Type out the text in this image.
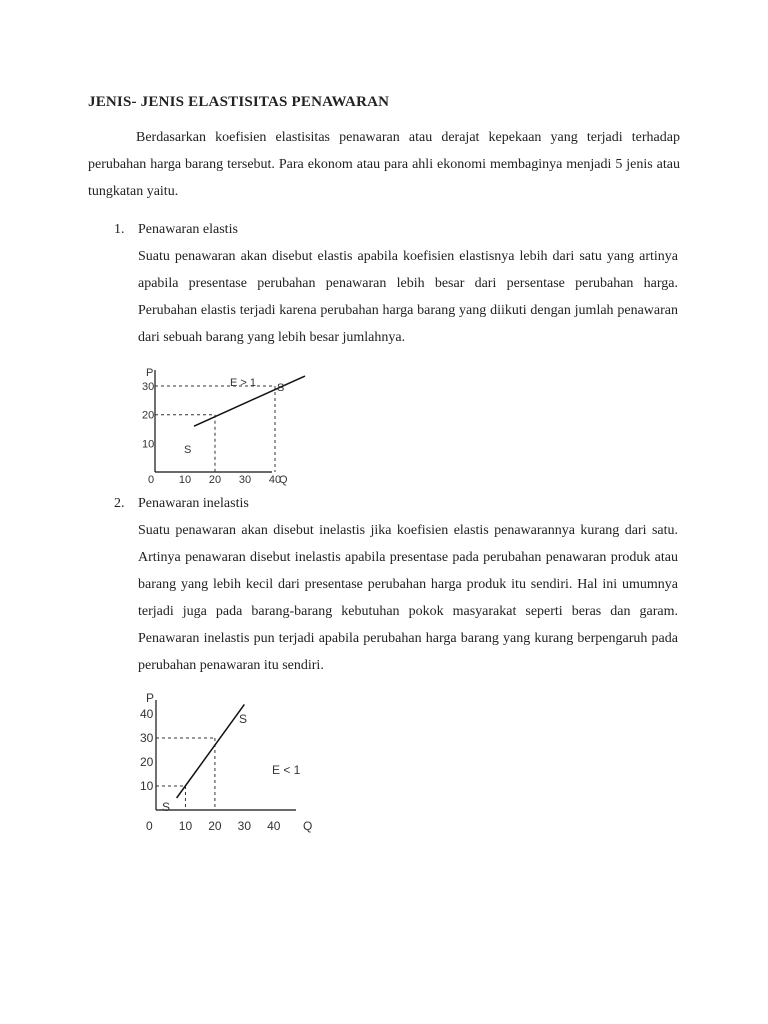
JENIS- JENIS ELASTISITAS PENAWARAN

Berdasarkan koefisien elastisitas penawaran atau derajat kepekaan yang terjadi terhadap perubahan harga barang tersebut. Para ekonom atau para ahli ekonomi membaginya menjadi 5 jenis atau tungkatan yaitu.

1. Penawaran elastis

Suatu penawaran akan disebut elastis apabila koefisien elastisnya lebih dari satu yang artinya apabila presentase perubahan penawaran lebih besar dari persentase perubahan harga. Perubahan elastis terjadi karena perubahan harga barang yang diikuti dengan jumlah penawaran dari sebuah barang yang lebih besar jumlahnya.

P
Q
0
E > 1
S
S
10 20 30 40
10
20
30
2. Penawaran inelastis

Suatu penawaran akan disebut inelastis jika koefisien elastis penawarannya kurang dari satu. Artinya penawaran disebut inelastis apabila presentase pada perubahan penawaran produk atau barang yang lebih kecil dari presentase perubahan harga produk itu sendiri. Hal ini umumnya terjadi juga pada barang-barang kebutuhan pokok masyarakat seperti beras dan garam. Penawaran inelastis pun terjadi apabila perubahan harga barang yang kurang berpengaruh pada perubahan penawaran itu sendiri.

P
Q
0
E < 1
S
S
10 20 30 40
10
20
30
40
